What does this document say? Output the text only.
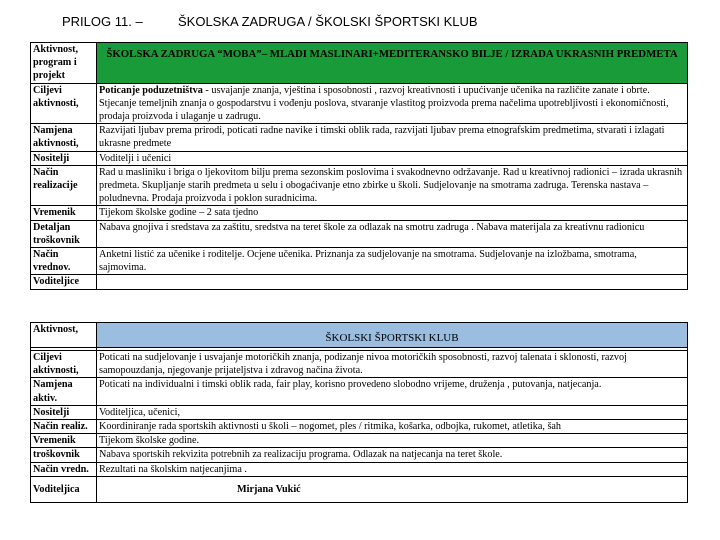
PRILOG 11. –	ŠKOLSKA ZADRUGA / ŠKOLSKI ŠPORTSKI KLUB
Aktivnost, program i projekt	ŠKOLSKA ZADRUGA “MOBA”– MLADI MASLINARI+MEDITERANSKO BILJE / IZRADA UKRASNIH PREDMETA
Ciljevi aktivnosti,	Poticanje poduzetništva - usvajanje znanja, vještina i sposobnosti , razvoj kreativnosti i upućivanje učenika na različite zanate i obrte. Stjecanje temeljnih znanja o gospodarstvu i vođenju poslova, stvaranje vlastitog proizvoda prema načelima upotrebljivosti i ekonomičnosti, prodaja proizvoda i ulaganje u zadrugu.
Namjena aktivnosti,	Razvijati ljubav prema prirodi, poticati radne navike i timski oblik rada, razvijati ljubav prema etnografskim predmetima, stvarati i izlagati ukrasne predmete
Nositelji	Voditelji i učenici
Način realizacije	Rad u masliniku i briga o ljekovitom bilju prema sezonskim poslovima i svakodnevno održavanje. Rad u kreativnoj radionici – izrada ukrasnih predmeta. Skupljanje starih predmeta u selu i obogaćivanje etno zbirke u školi. Sudjelovanje na smotrama zadruga. Terenska nastava – poludnevna. Prodaja proizvoda i poklon suradnicima.
Vremenik	Tijekom školske godine – 2 sata tjedno
Detaljan troškovnik	Nabava gnojiva i sredstava za zaštitu, sredstva na teret škole za odlazak na smotru zadruga . Nabava materijala za kreativnu radionicu
Način vrednov.	Anketni listić za učenike i roditelje. Ocjene učenika. Priznanja za sudjelovanje na smotrama. Sudjelovanje na izložbama, smotrama, sajmovima.
Voditeljice	
Aktivnost,	ŠKOLSKI ŠPORTSKI KLUB

Ciljevi aktivnosti,	Poticati na sudjelovanje i usvajanje motoričkih znanja, podizanje nivoa motoričkih sposobnosti, razvoj talenata i sklonosti, razvoj samopouzdanja, njegovanje prijateljstva i zdravog načina života.
Namjena aktiv.	Poticati na individualni i timski oblik rada, fair play, korisno provedeno slobodno vrijeme, druženja , putovanja, natjecanja.
Nositelji	Voditeljica, učenici,
Način realiz.	Koordiniranje rada sportskih aktivnosti u školi – nogomet, ples / ritmika, košarka, odbojka, rukomet, atletika, šah
Vremenik	Tijekom školske godine.
troškovnik	Nabava sportskih rekvizita potrebnih za realizaciju programa. Odlazak na natjecanja na teret škole.
Način vredn.	Rezultati na školskim natjecanjima .
Voditeljica	Mirjana Vukić
